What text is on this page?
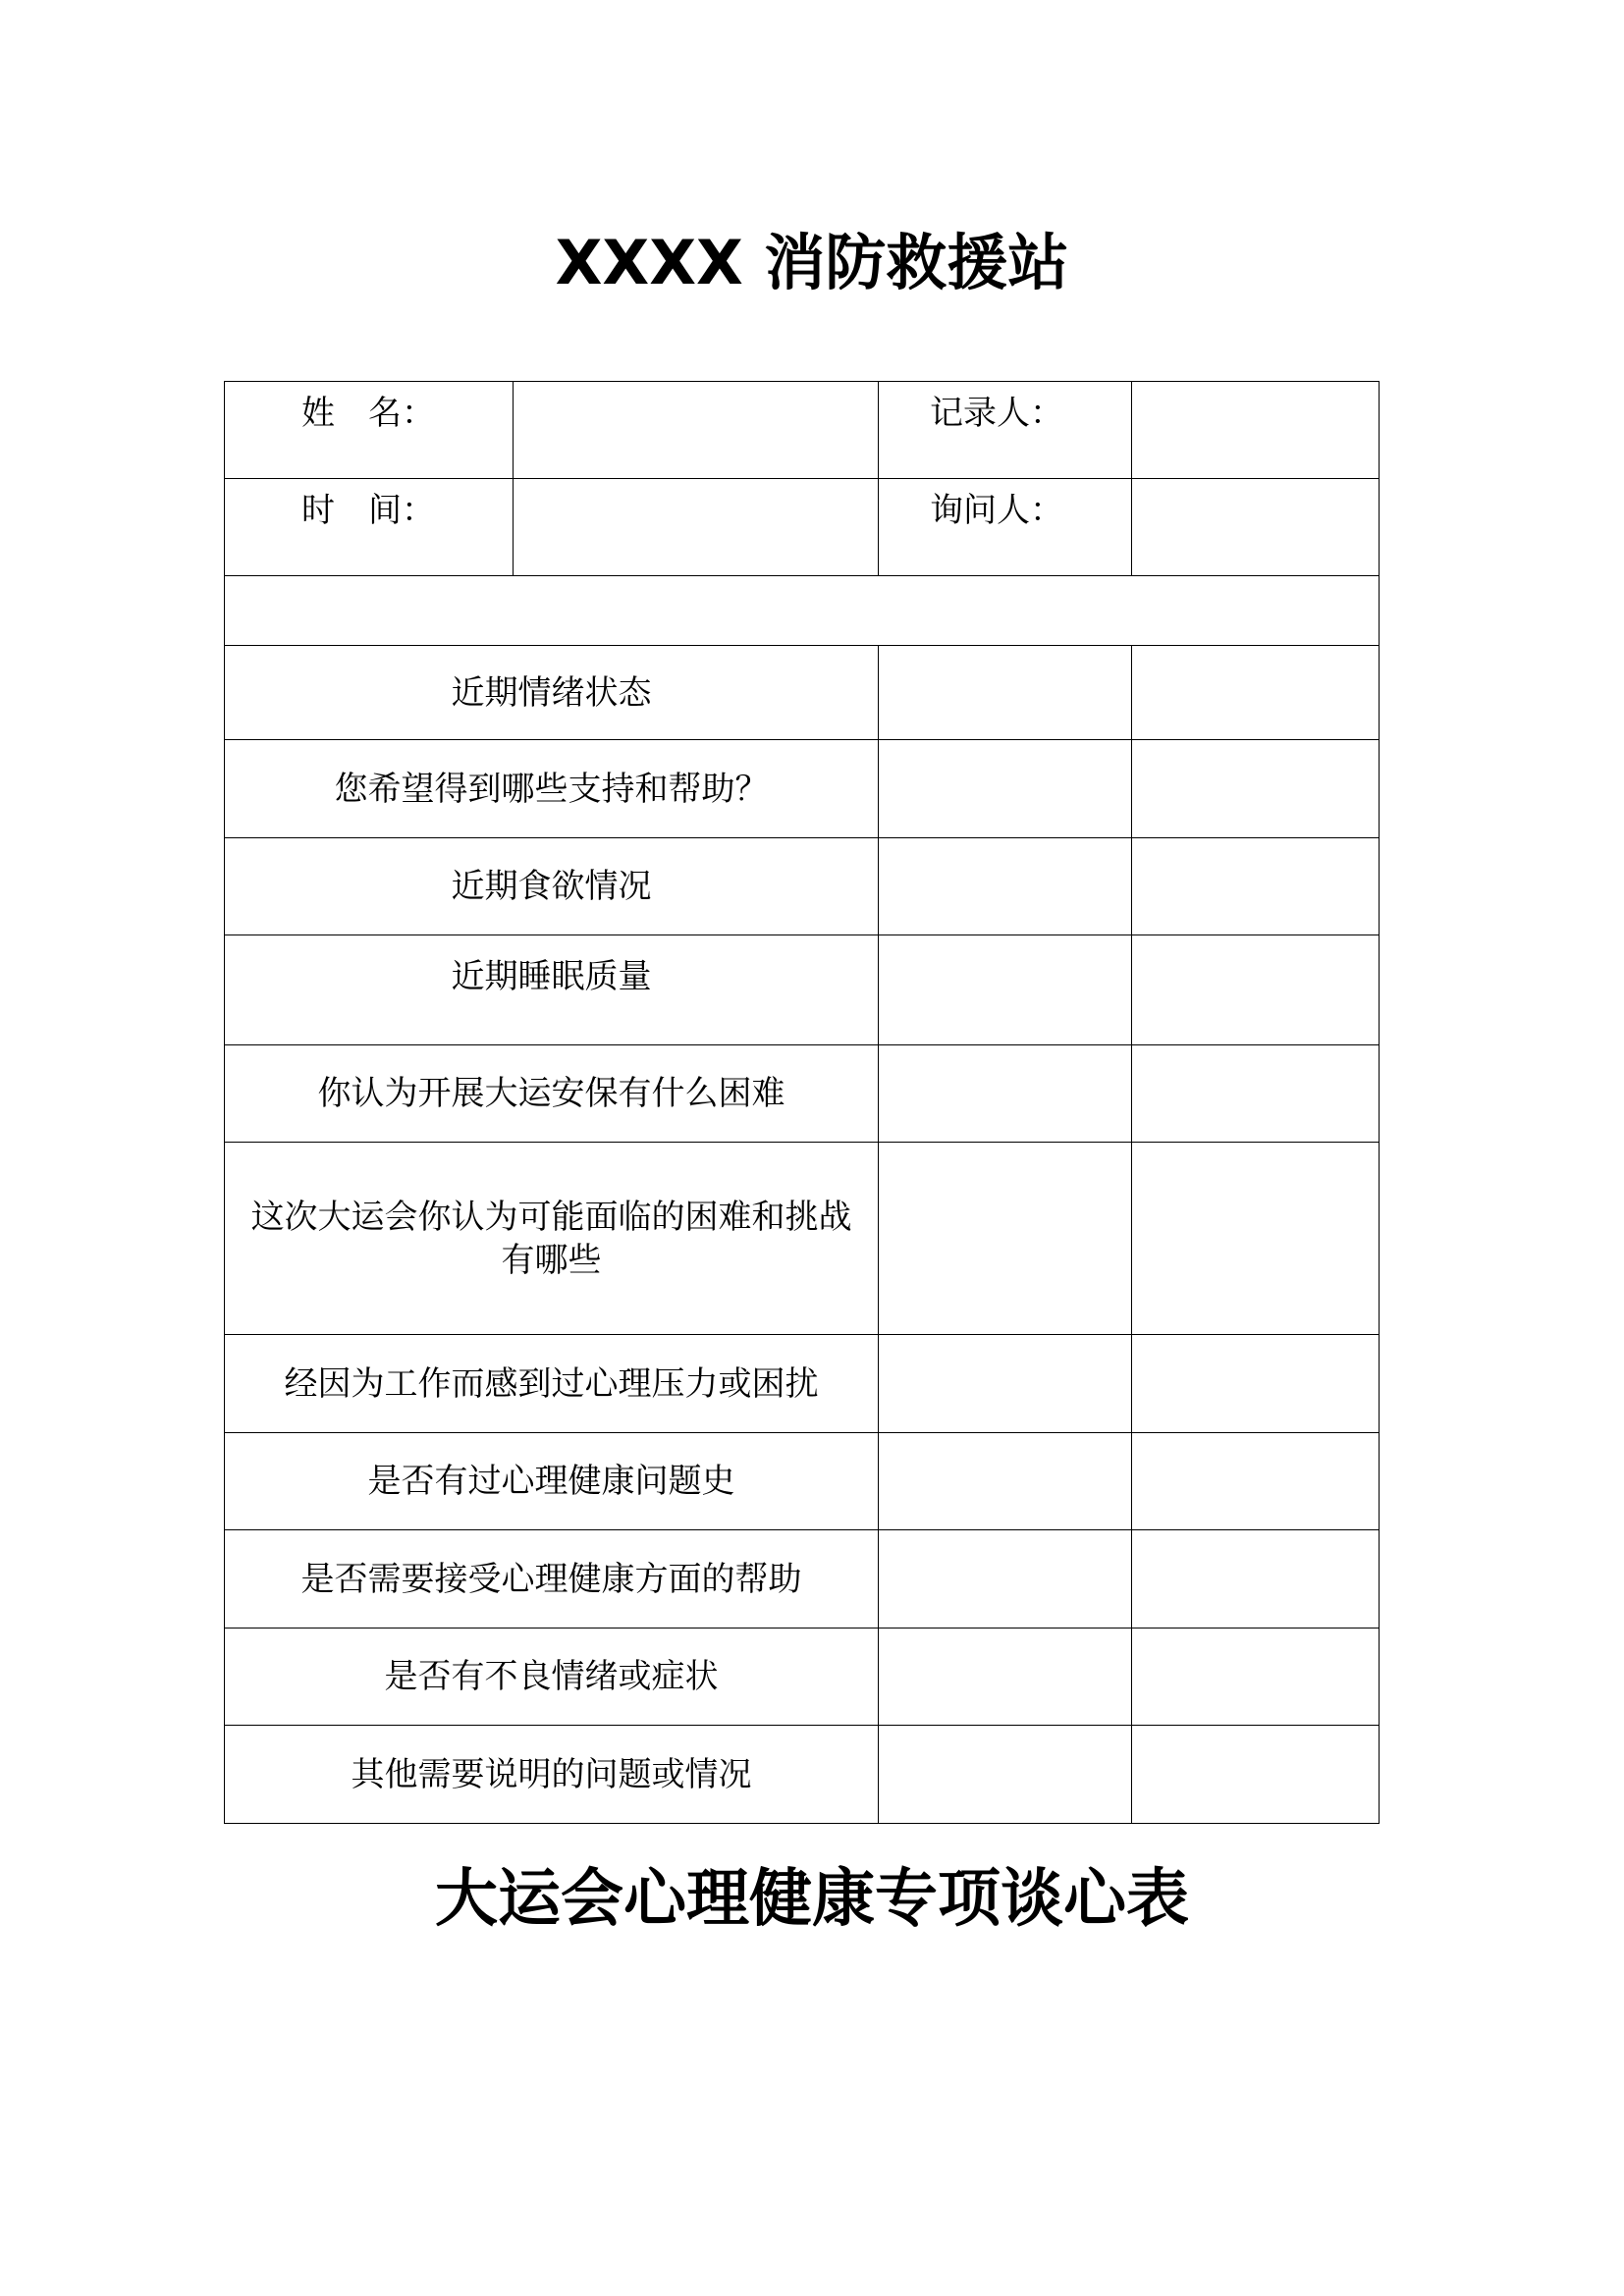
XXXX 消防救援站
姓　名：		记录人：	
时　间：		询问人：	

近期情绪状态			
您希望得到哪些支持和帮助？			
近期食欲情况			
近期睡眠质量			
你认为开展大运安保有什么困难			
这次大运会你认为可能面临的困难和挑战有哪些			
经因为工作而感到过心理压力或困扰			
是否有过心理健康问题史			
是否需要接受心理健康方面的帮助			
是否有不良情绪或症状			
其他需要说明的问题或情况			
大运会心理健康专项谈心表
